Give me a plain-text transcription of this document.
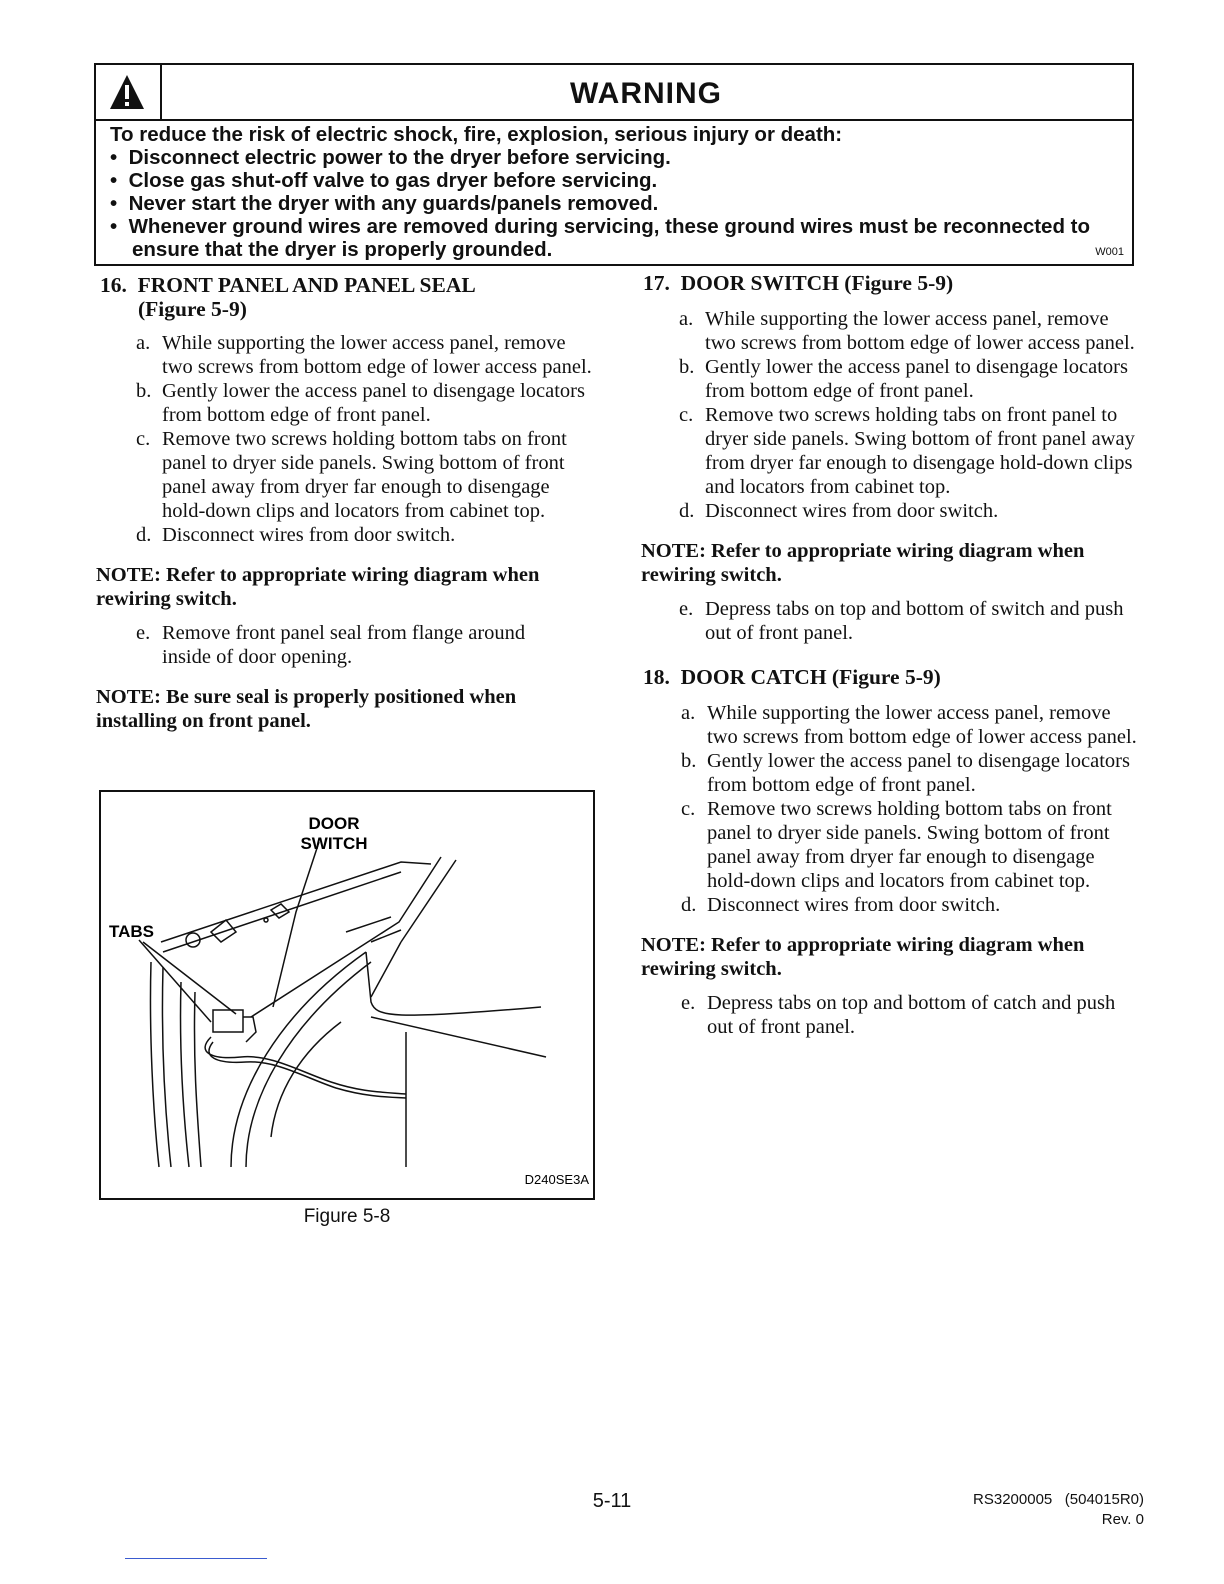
WARNING
To reduce the risk of electric shock, fire, explosion, serious injury or death:
•  Disconnect electric power to the dryer before servicing.
•  Close gas shut-off valve to gas dryer before servicing.
•  Never start the dryer with any guards/panels removed.
•  Whenever ground wires are removed during servicing, these ground wires must be reconnected to ensure that the dryer is properly grounded.	W001
16. FRONT PANEL AND PANEL SEAL
(Figure 5-9)
a. While supporting the lower access panel, remove two screws from bottom edge of lower access panel.
b. Gently lower the access panel to disengage locators from bottom edge of front panel.
c. Remove two screws holding bottom tabs on front panel to dryer side panels. Swing bottom of front panel away from dryer far enough to disengage hold-down clips and locators from cabinet top.
d. Disconnect wires from door switch.
NOTE: Refer to appropriate wiring diagram when rewiring switch.
e. Remove front panel seal from flange around inside of door opening.
NOTE: Be sure seal is properly positioned when installing on front panel.
DOOR
SWITCH
TABS
D240SE3A
Figure 5-8
17. DOOR SWITCH (Figure 5-9)
a. While supporting the lower access panel, remove two screws from bottom edge of lower access panel.
b. Gently lower the access panel to disengage locators from bottom edge of front panel.
c. Remove two screws holding tabs on front panel to dryer side panels. Swing bottom of front panel away from dryer far enough to disengage hold-down clips and locators from cabinet top.
d. Disconnect wires from door switch.
NOTE: Refer to appropriate wiring diagram when rewiring switch.
e. Depress tabs on top and bottom of switch and push out of front panel.
18. DOOR CATCH (Figure 5-9)
a. While supporting the lower access panel, remove two screws from bottom edge of lower access panel.
b. Gently lower the access panel to disengage locators from bottom edge of front panel.
c. Remove two screws holding bottom tabs on front panel to dryer side panels. Swing bottom of front panel away from dryer far enough to disengage hold-down clips and locators from cabinet top.
d. Disconnect wires from door switch.
NOTE: Refer to appropriate wiring diagram when rewiring switch.
e. Depress tabs on top and bottom of catch and push out of front panel.
5-11	RS3200005   (504015R0)
Rev. 0
